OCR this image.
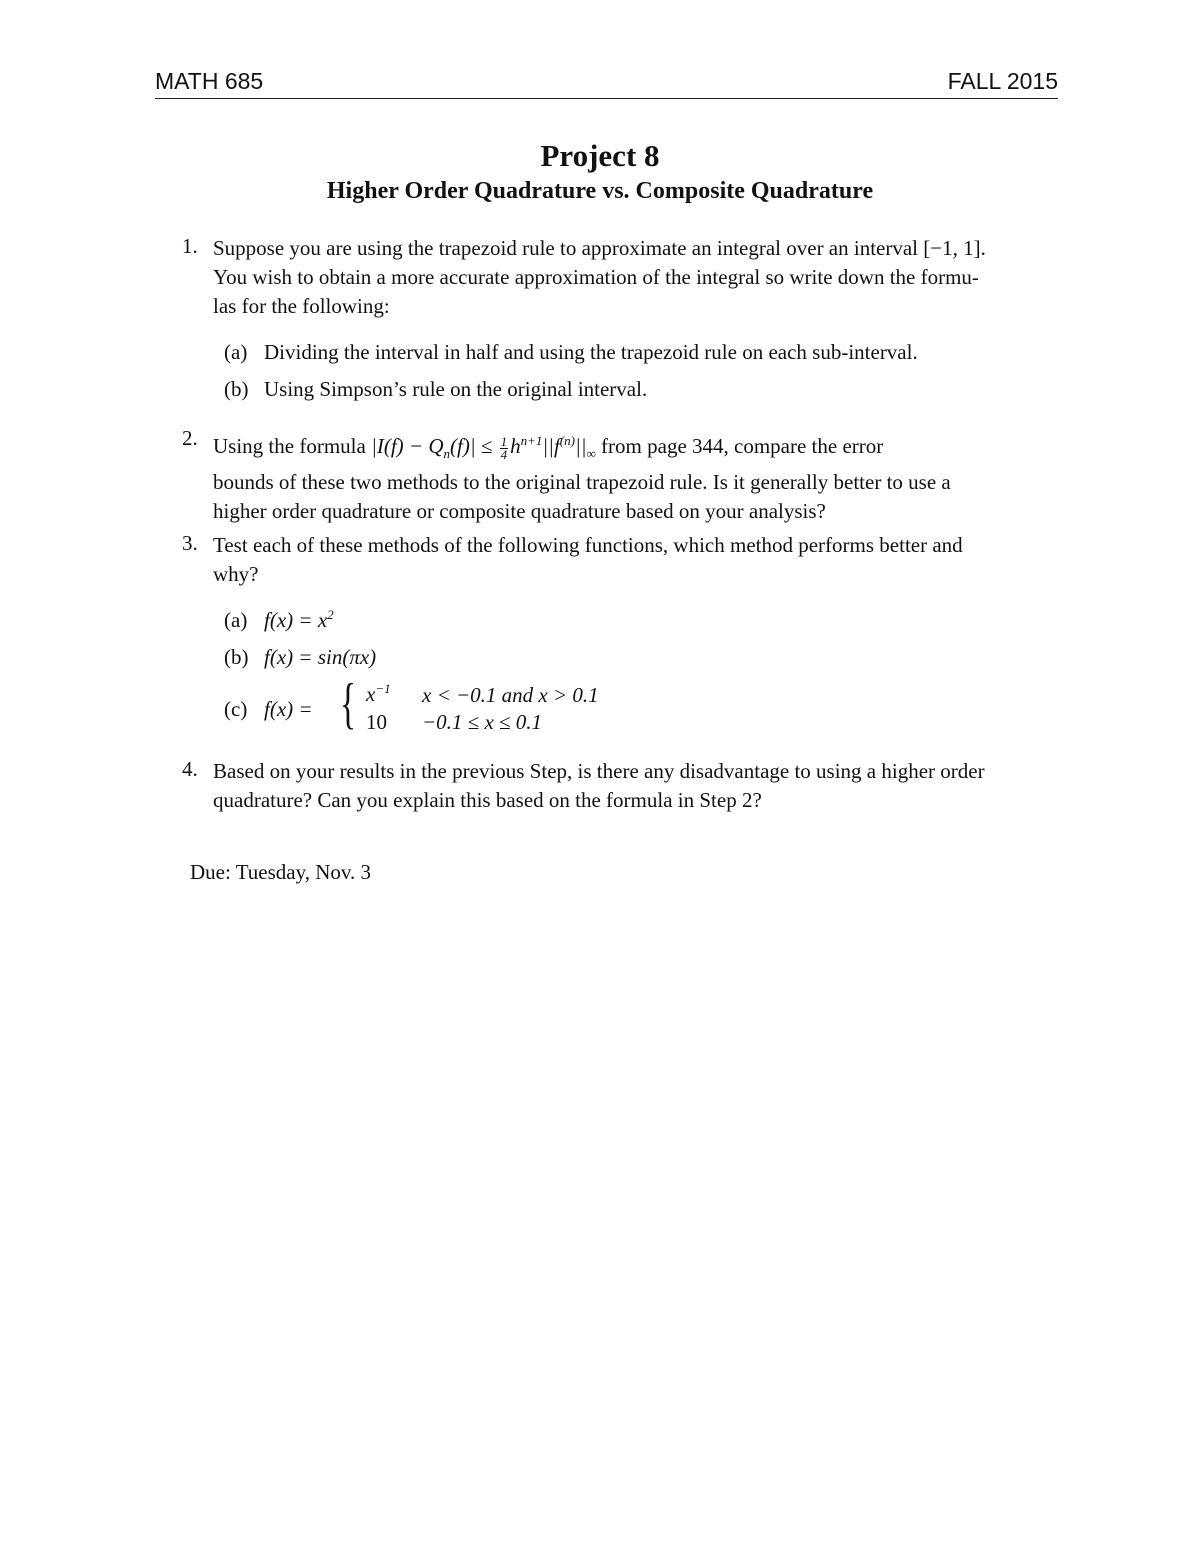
MATH 685	FALL 2015
Project 8
Higher Order Quadrature vs. Composite Quadrature
1. Suppose you are using the trapezoid rule to approximate an integral over an interval [−1, 1].
You wish to obtain a more accurate approximation of the integral so write down the formu-
las for the following:
(a) Dividing the interval in half and using the trapezoid rule on each sub-interval.
(b) Using Simpson’s rule on the original interval.
2. Using the formula $|I(f) - Q_n(f)| \le \frac{1}{4} h^{n+1}||f^{(n)}||_\infty$ from page 344, compare the error
bounds of these two methods to the original trapezoid rule. Is it generally better to use a
higher order quadrature or composite quadrature based on your analysis?
3. Test each of these methods of the following functions, which method performs better and
why?
(a) $f(x) = x^2$
(b) f(x) = sin(πx)
(c) f(x) = { $x^{-1}$ x < −0.1 and x > 0.1
10 −0.1 ≤ x ≤ 0.1
4. Based on your results in the previous Step, is there any disadvantage to using a higher order
quadrature? Can you explain this based on the formula in Step 2?
Due: Tuesday, Nov. 3
